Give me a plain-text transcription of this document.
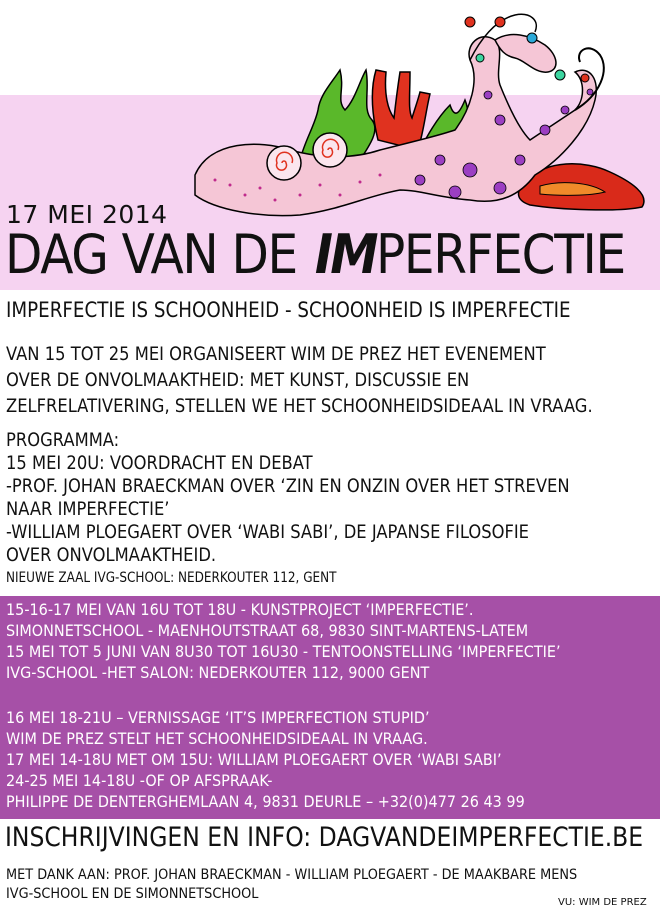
17 MEI 2014
DAG VAN DE IMPERFECTIE
IMPERFECTIE IS SCHOONHEID - SCHOONHEID IS IMPERFECTIE
VAN 15 TOT 25 MEI ORGANISEERT WIM DE PREZ HET EVENEMENT
OVER DE ONVOLMAAKTHEID: MET KUNST, DISCUSSIE EN
ZELFRELATIVERING, STELLEN WE HET SCHOONHEIDSIDEAAL IN VRAAG.
PROGRAMMA:
15 MEI 20U: VOORDRACHT EN DEBAT
-PROF. JOHAN BRAECKMAN OVER ‘ZIN EN ONZIN OVER HET STREVEN
NAAR IMPERFECTIE’
-WILLIAM PLOEGAERT OVER ‘WABI SABI’, DE JAPANSE FILOSOFIE
OVER ONVOLMAAKTHEID.
NIEUWE ZAAL IVG-SCHOOL: NEDERKOUTER 112, GENT
15-16-17 MEI VAN 16U TOT 18U - KUNSTPROJECT ‘IMPERFECTIE’.
SIMONNETSCHOOL - MAENHOUTSTRAAT 68, 9830 SINT-MARTENS-LATEM
15 MEI TOT 5 JUNI VAN 8U30 TOT 16U30 - TENTOONSTELLING ‘IMPERFECTIE’
IVG-SCHOOL -HET SALON: NEDERKOUTER 112, 9000 GENT
16 MEI 18-21U – VERNISSAGE ‘IT’S IMPERFECTION STUPID’
WIM DE PREZ STELT HET SCHOONHEIDSIDEAAL IN VRAAG.
17 MEI 14-18U MET OM 15U: WILLIAM PLOEGAERT OVER ‘WABI SABI’
24-25 MEI 14-18U -OF OP AFSPRAAK-
PHILIPPE DE DENTERGHEMLAAN 4, 9831 DEURLE – +32(0)477 26 43 99
INSCHRIJVINGEN EN INFO: DAGVANDEIMPERFECTIE.BE
MET DANK AAN: PROF. JOHAN BRAECKMAN - WILLIAM PLOEGAERT - DE MAAKBARE MENS
IVG-SCHOOL EN DE SIMONNETSCHOOL
VU: WIM DE PREZ
